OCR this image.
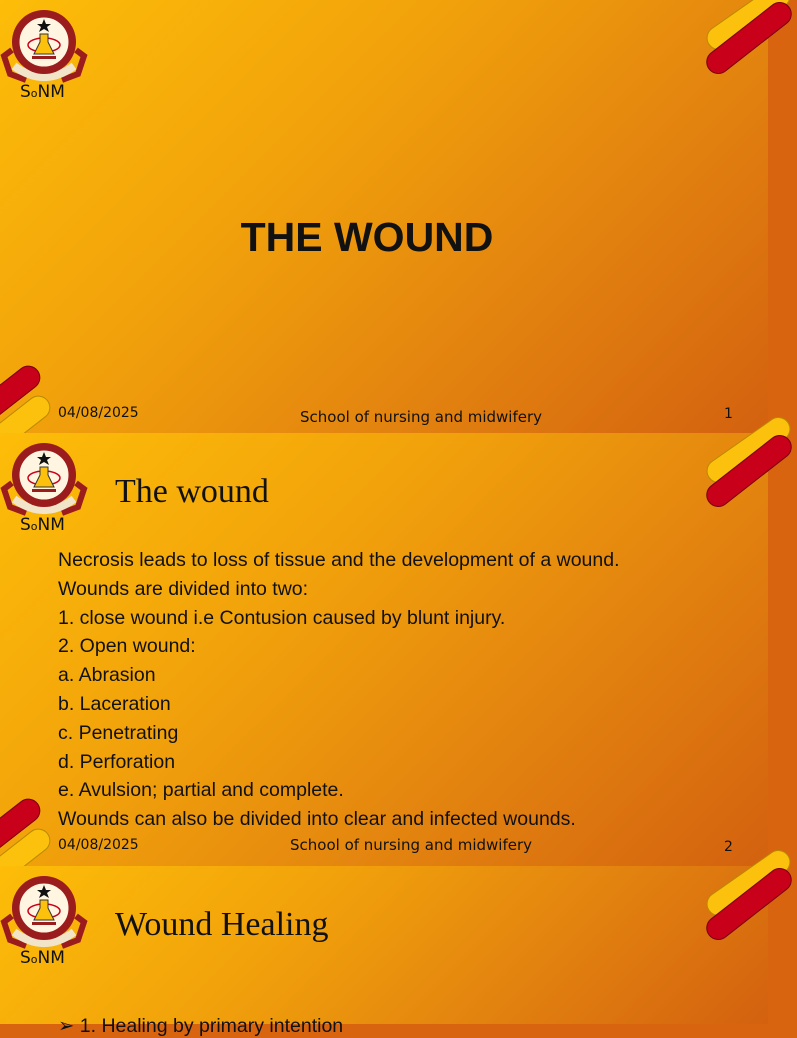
SoNM
THE WOUND
04/08/2025	School of nursing and midwifery	1
SoNM
The wound
Necrosis leads to loss of tissue and the development of a wound.
Wounds are divided into two:
1. close wound i.e Contusion caused by blunt injury.
2. Open wound:
a. Abrasion
b. Laceration
c. Penetrating
d. Perforation
e. Avulsion; partial and complete.
Wounds can also be divided into clear and infected wounds.
04/08/2025	School of nursing and midwifery	2
SoNM
Wound Healing
➢ 1. Healing by primary intention
